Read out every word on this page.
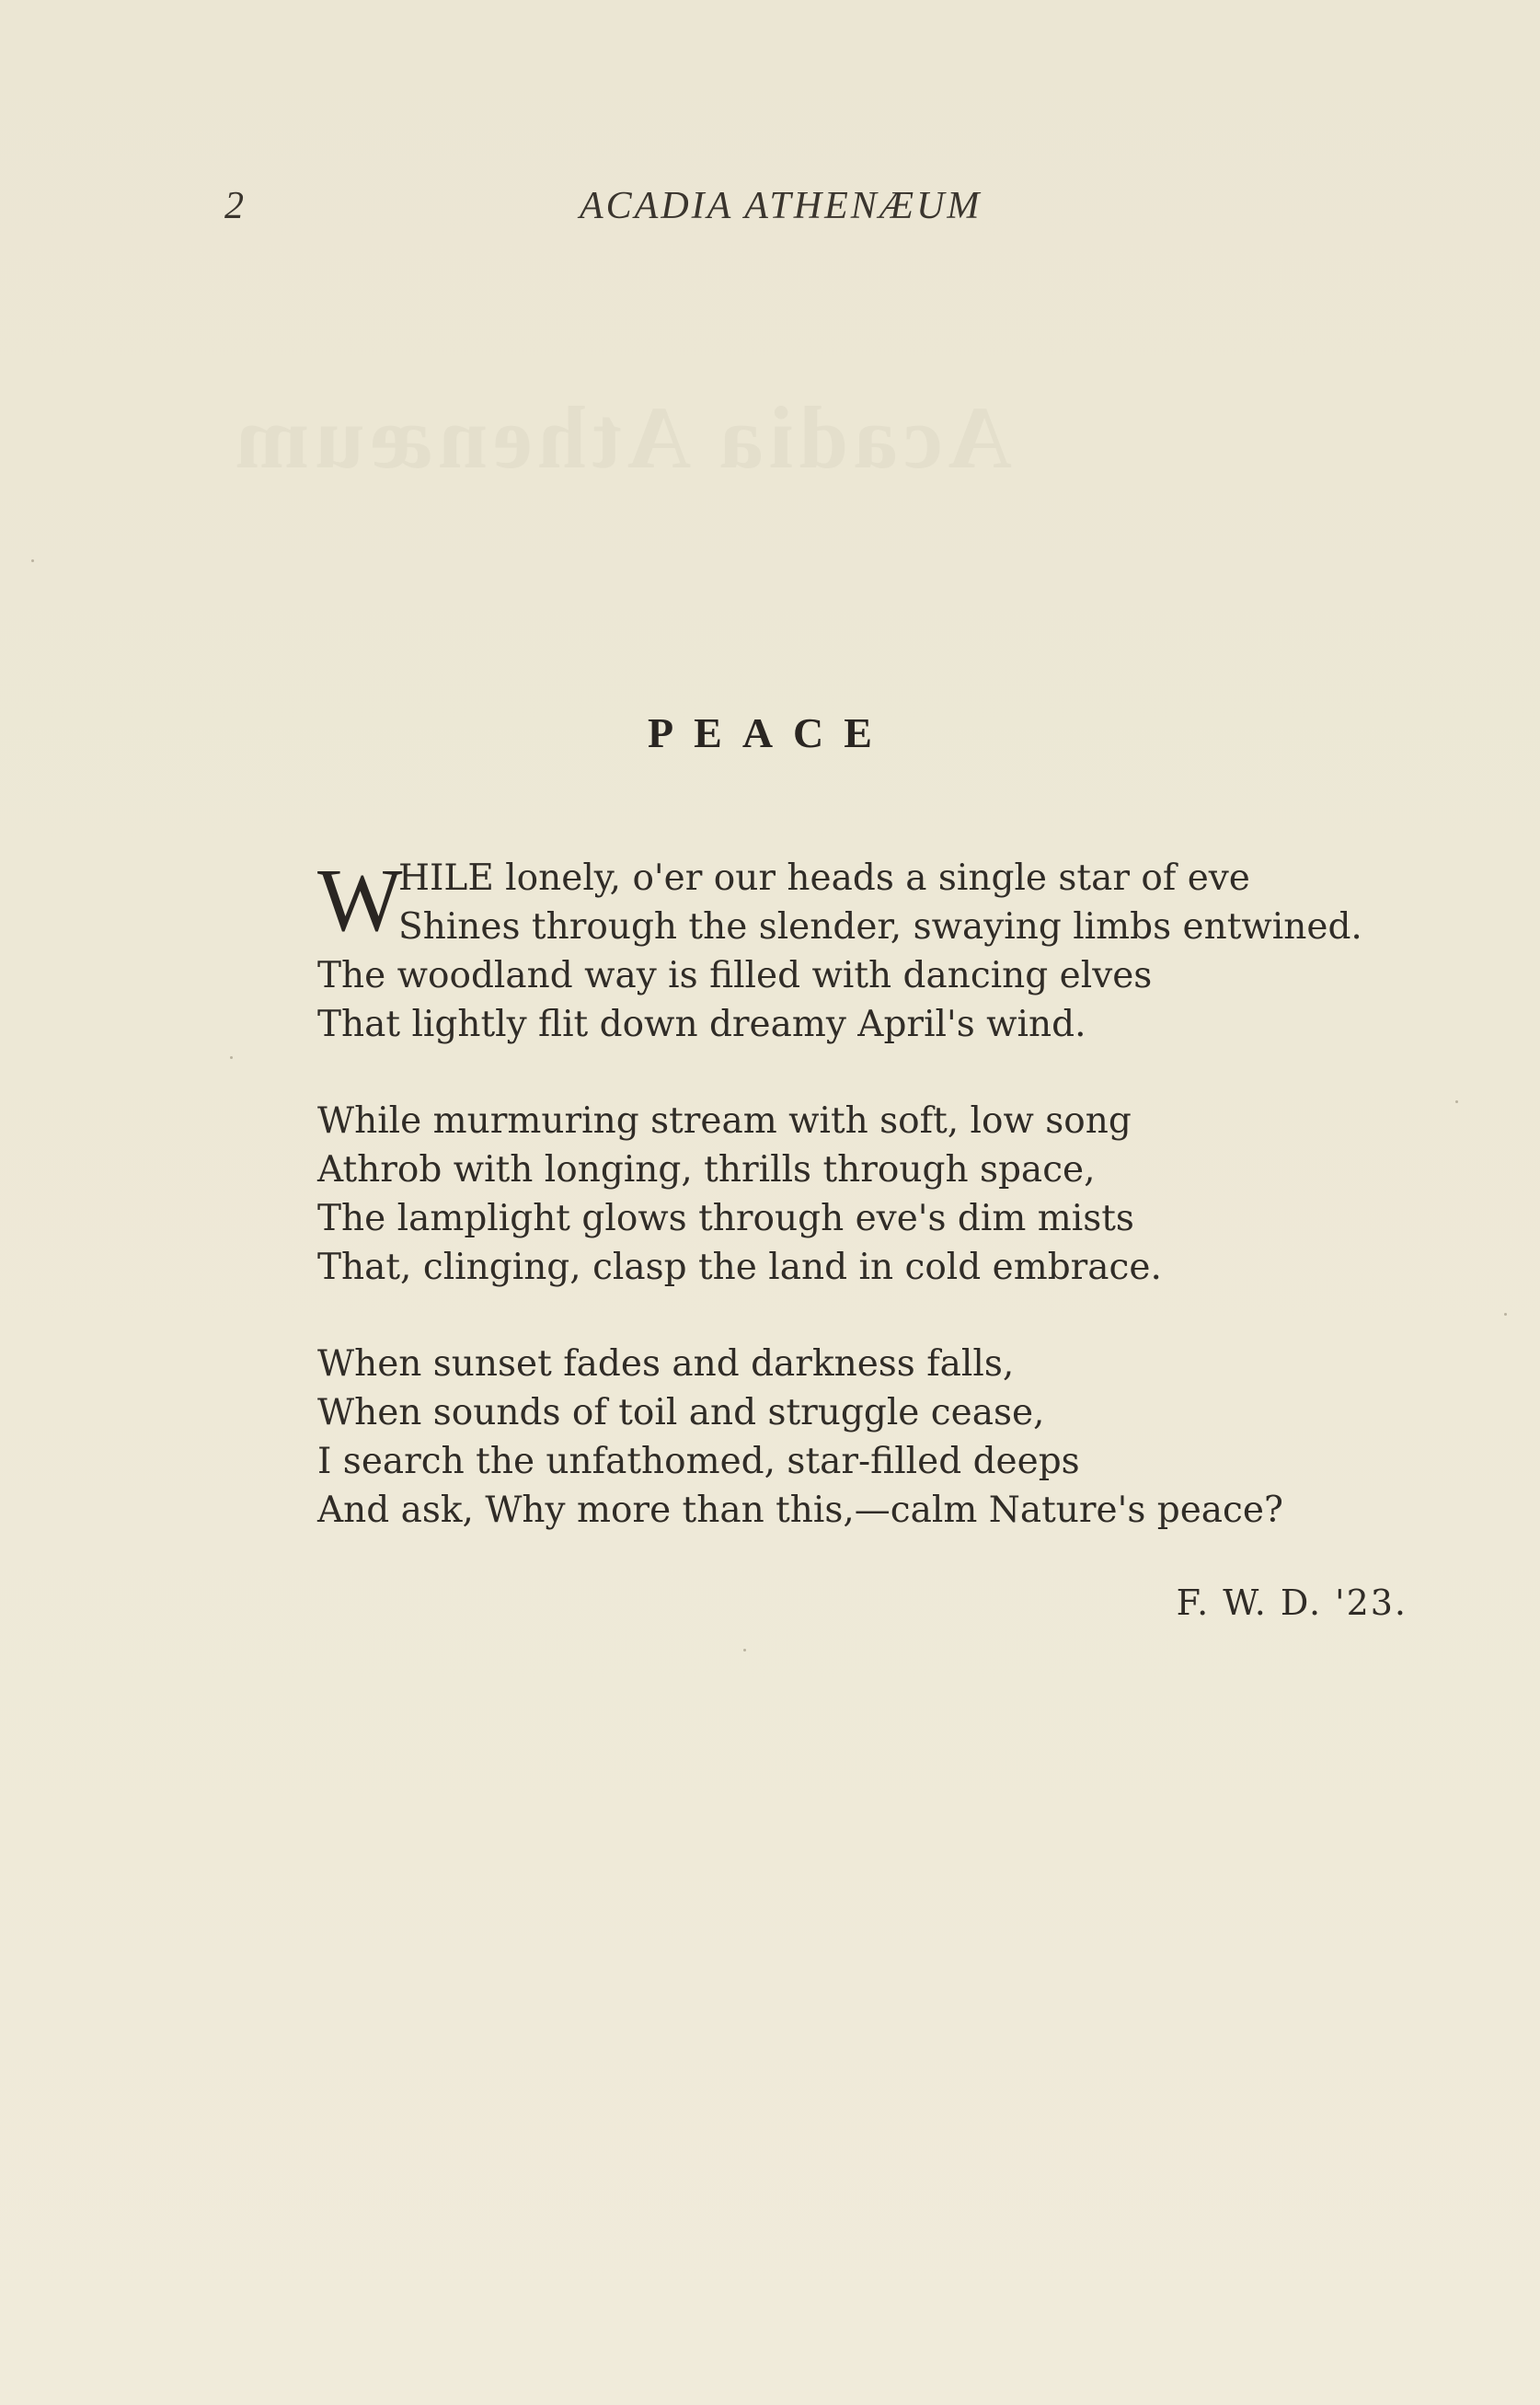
Acadia Athenæum
2	ACADIA ATHENÆUM
PEACE
W
HILE lonely, o'er our heads a single star of eve
Shines through the slender, swaying limbs entwined.
The woodland way is filled with dancing elves
That lightly flit down dreamy April's wind.
While murmuring stream with soft, low song
Athrob with longing, thrills through space,
The lamplight glows through eve's dim mists
That, clinging, clasp the land in cold embrace.
When sunset fades and darkness falls,
When sounds of toil and struggle cease,
I search the unfathomed, star-filled deeps
And ask, Why more than this,—calm Nature's peace?
F. W. D. '23.
